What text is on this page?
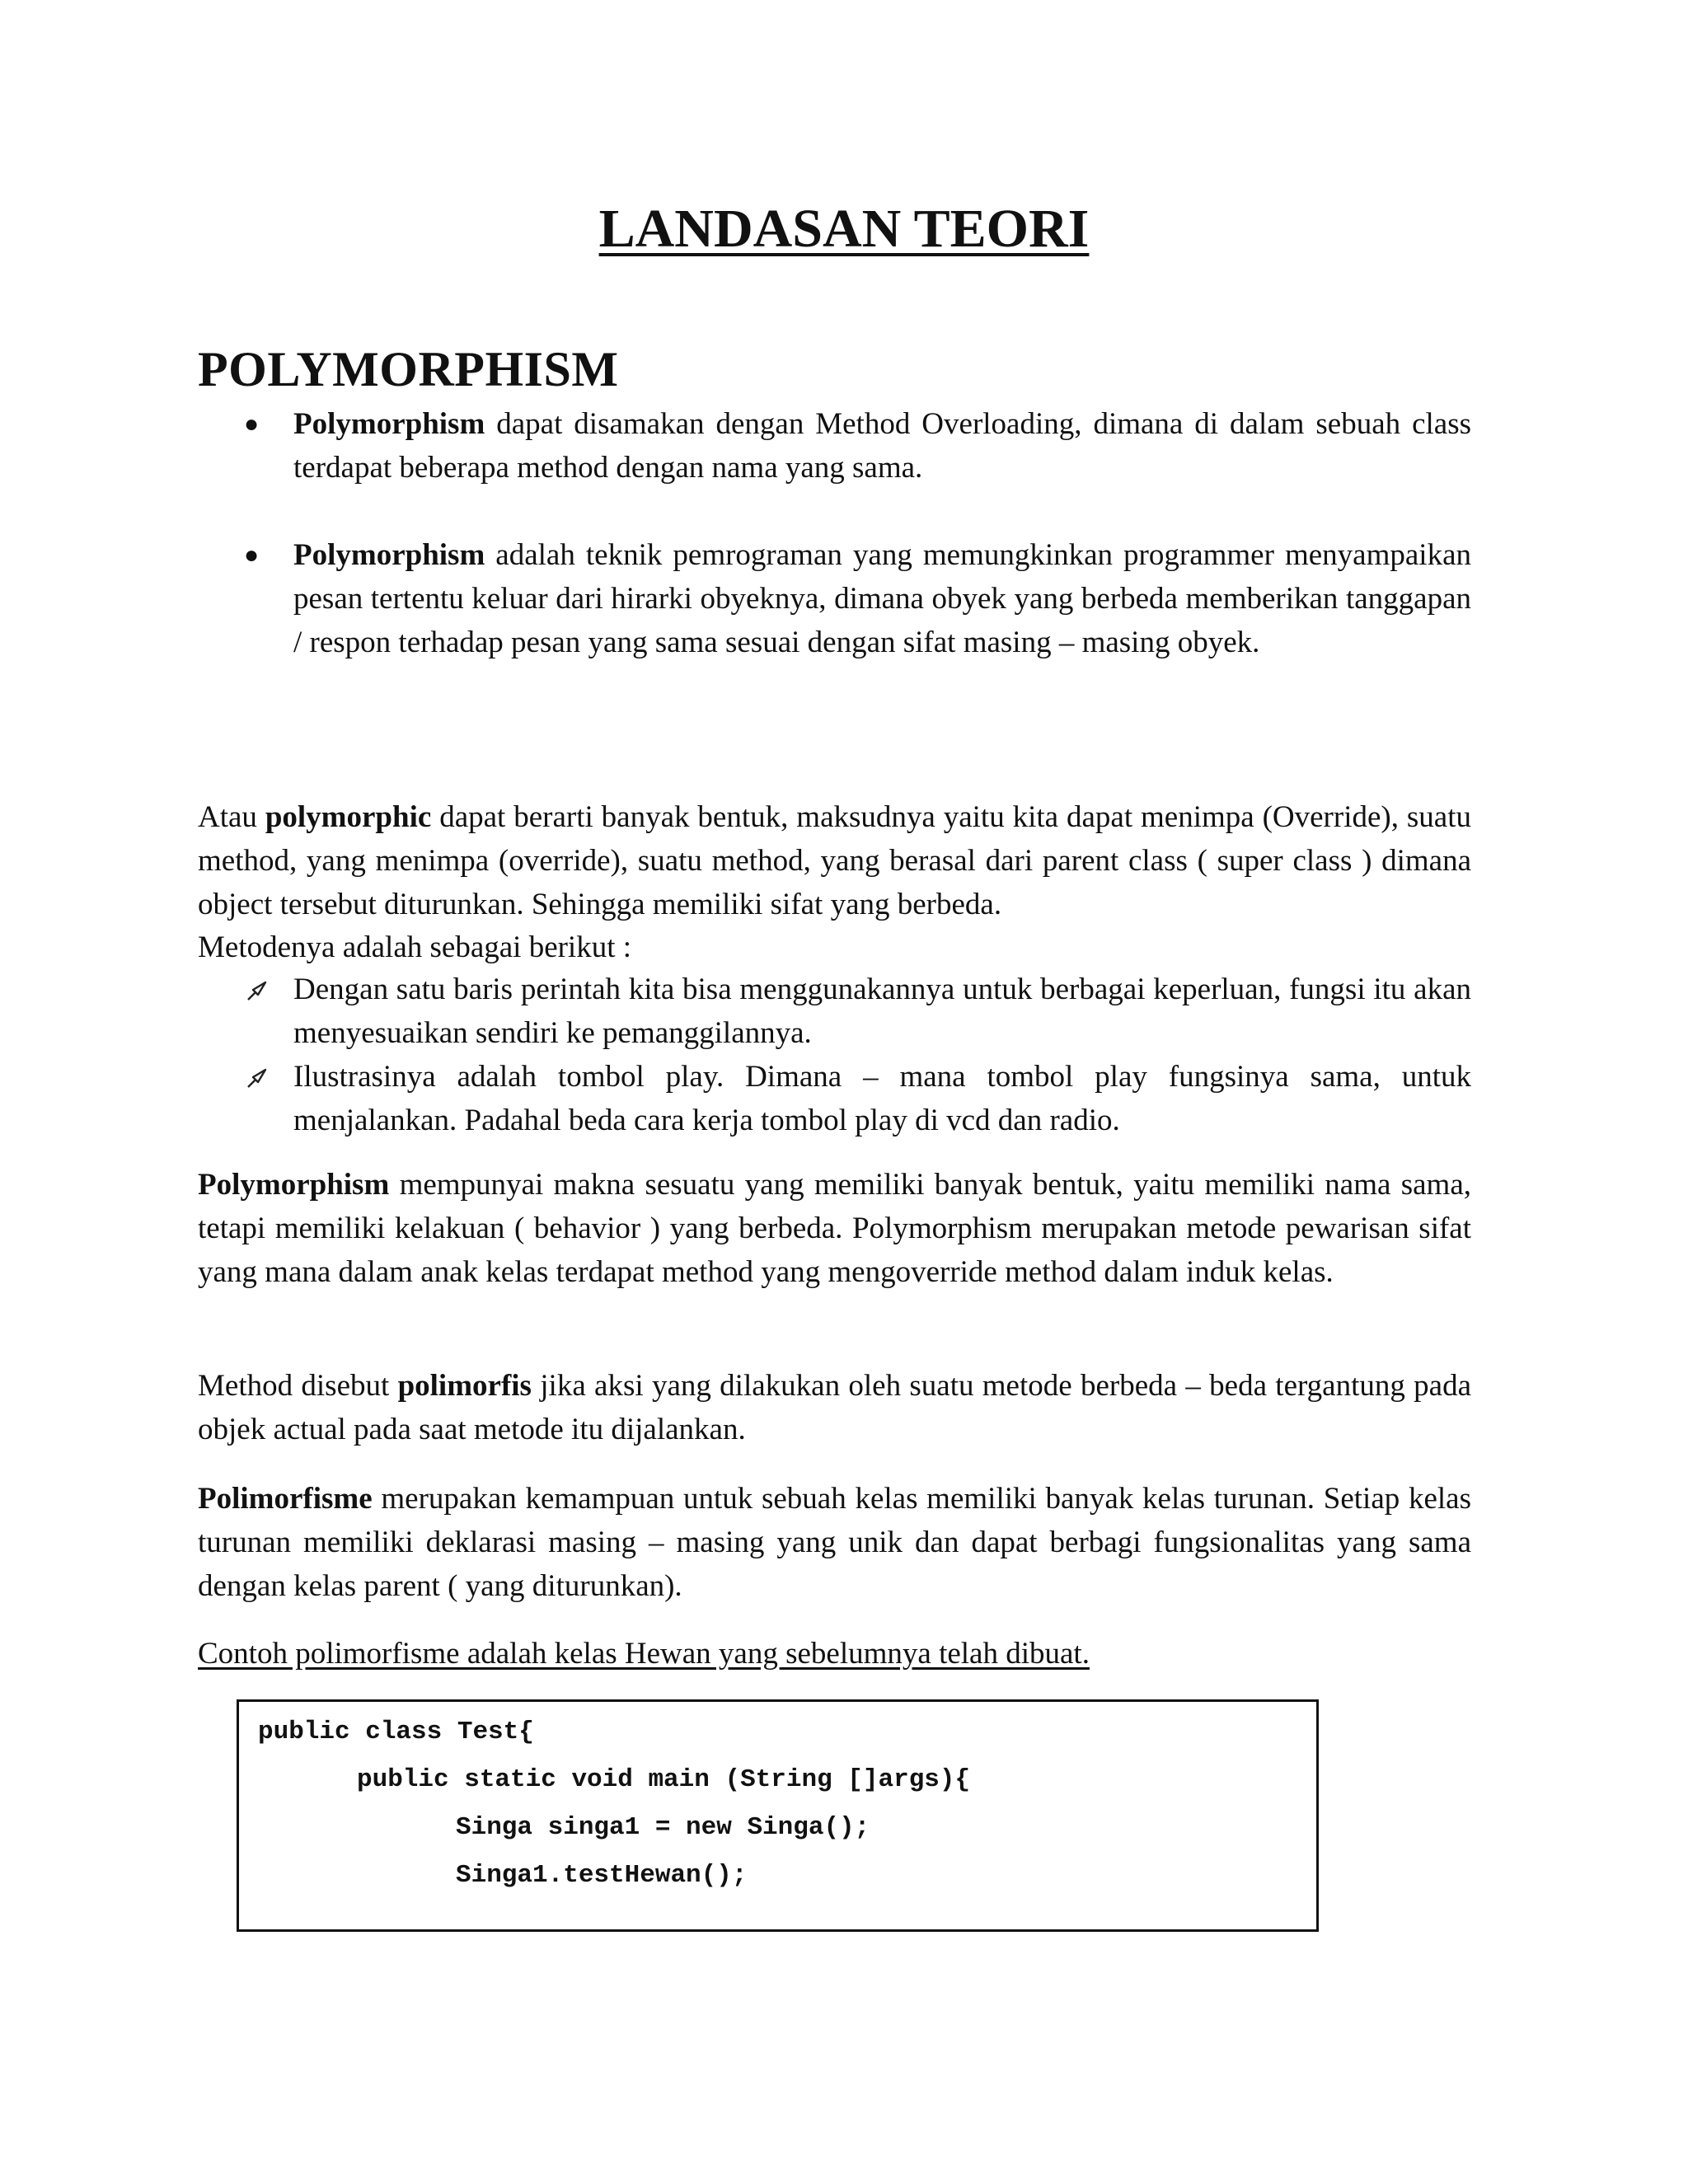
LANDASAN TEORI
POLYMORPHISM
● Polymorphism dapat disamakan dengan Method Overloading, dimana di dalam sebuah class terdapat beberapa method dengan nama yang sama.
● Polymorphism adalah teknik pemrograman yang memungkinkan programmer menyampaikan pesan tertentu keluar dari hirarki obyeknya, dimana obyek yang berbeda memberikan tanggapan / respon terhadap pesan yang sama sesuai dengan sifat masing – masing obyek.

Atau polymorphic dapat berarti banyak bentuk, maksudnya yaitu kita dapat menimpa (Override), suatu method, yang menimpa (override), suatu method, yang berasal dari parent class ( super class ) dimana object tersebut diturunkan. Sehingga memiliki sifat yang berbeda.

Metodenya adalah sebagai berikut :

Dengan satu baris perintah kita bisa menggunakannya untuk berbagai keperluan, fungsi itu akan menyesuaikan sendiri ke pemanggilannya.
Ilustrasinya adalah tombol play. Dimana – mana tombol play fungsinya sama, untuk menjalankan. Padahal beda cara kerja tombol play di vcd dan radio.

Polymorphism mempunyai makna sesuatu yang memiliki banyak bentuk, yaitu memiliki nama sama, tetapi memiliki kelakuan ( behavior ) yang berbeda. Polymorphism merupakan metode pewarisan sifat yang mana dalam anak kelas terdapat method yang mengoverride method dalam induk kelas.

Method disebut polimorfis jika aksi yang dilakukan oleh suatu metode berbeda – beda tergantung pada objek actual pada saat metode itu dijalankan.

Polimorfisme merupakan kemampuan untuk sebuah kelas memiliki banyak kelas turunan. Setiap kelas turunan memiliki deklarasi masing – masing yang unik dan dapat berbagi fungsionalitas yang sama dengan kelas parent ( yang diturunkan).

Contoh polimorfisme adalah kelas Hewan yang sebelumnya telah dibuat.

public class Test{
public static void main (String []args){
Singa singa1 = new Singa();
Singa1.testHewan();
